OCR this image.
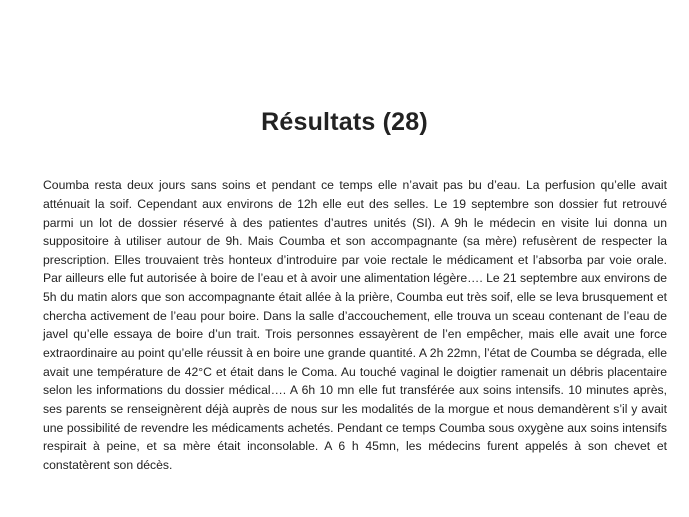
Résultats (28)

Coumba resta deux jours sans soins et pendant ce temps elle n’avait pas bu d’eau. La perfusion qu’elle avait atténuait la soif. Cependant aux environs de 12h elle eut des selles. Le 19 septembre son dossier fut retrouvé parmi un lot de dossier réservé à des patientes d’autres unités (SI). A 9h le médecin en visite lui donna un suppositoire à utiliser autour de 9h. Mais Coumba et son accompagnante (sa mère) refusèrent de respecter la prescription. Elles trouvaient très honteux d’introduire par voie rectale le médicament et l’absorba par voie orale. Par ailleurs elle fut autorisée à boire de l’eau et à avoir une alimentation légère…. Le 21 septembre aux environs de 5h du matin alors que son accompagnante était allée à la prière, Coumba eut très soif, elle se leva brusquement et chercha activement de l’eau pour boire. Dans la salle d’accouchement, elle trouva un sceau contenant de l’eau de javel qu’elle essaya de boire d’un trait. Trois personnes essayèrent de l’en empêcher, mais elle avait une force extraordinaire au point qu’elle réussit à en boire une grande quantité. A 2h 22mn, l’état de Coumba se dégrada, elle avait une température de 42°C et était dans le Coma. Au touché vaginal le doigtier ramenait un débris placentaire selon les informations du dossier médical…. A 6h 10 mn elle fut transférée aux soins intensifs. 10 minutes après, ses parents se renseignèrent déjà auprès de nous sur les modalités de la morgue et nous demandèrent s’il y avait une possibilité de revendre les médicaments achetés. Pendant ce temps Coumba sous oxygène aux soins intensifs respirait à peine, et sa mère était inconsolable. A 6 h 45mn, les médecins furent appelés à son chevet et constatèrent son décès.
